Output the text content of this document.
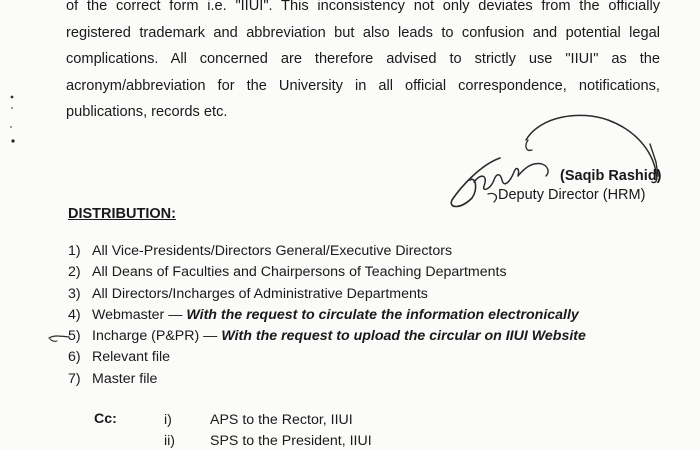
of the correct form i.e. "IIUI". This inconsistency not only deviates from the officially
registered trademark and abbreviation but also leads to confusion and potential legal
complications. All concerned are therefore advised to strictly use "IIUI" as the
acronym/abbreviation for the University in all official correspondence, notifications,
publications, records etc.
(Saqib Rashid)
Deputy Director (HRM)
DISTRIBUTION:
1) All Vice-Presidents/Directors General/Executive Directors
2) All Deans of Faculties and Chairpersons of Teaching Departments
3) All Directors/Incharges of Administrative Departments
4) Webmaster — With the request to circulate the information electronically
5) Incharge (P&PR) — With the request to upload the circular on IIUI Website
6) Relevant file
7) Master file
Cc:	i)	APS to the Rector, IIUI
ii) SPS to the President, IIUI
